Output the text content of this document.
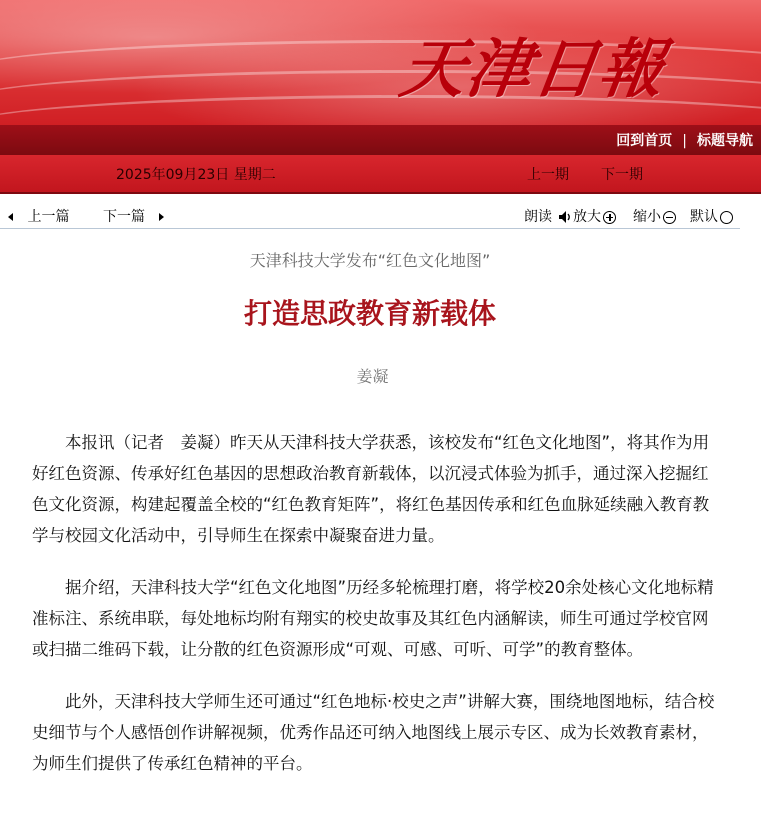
天津日報
回到首页 | 标题导航
2025年09月23日 星期二	上一期 下一期
上一篇 下一篇	朗读	放大	缩小	默认
天津科技大学发布“红色文化地图”
打造思政教育新载体
姜凝

本报讯（记者　姜凝）昨天从天津科技大学获悉，该校发布“红色文化地图”，将其作为用好红色资源、传承好红色基因的思想政治教育新载体，以沉浸式体验为抓手，通过深入挖掘红色文化资源，构建起覆盖全校的“红色教育矩阵”，将红色基因传承和红色血脉延续融入教育教学与校园文化活动中，引导师生在探索中凝聚奋进力量。

据介绍，天津科技大学“红色文化地图”历经多轮梳理打磨，将学校20余处核心文化地标精准标注、系统串联，每处地标均附有翔实的校史故事及其红色内涵解读，师生可通过学校官网或扫描二维码下载，让分散的红色资源形成“可观、可感、可听、可学”的教育整体。

此外，天津科技大学师生还可通过“红色地标·校史之声”讲解大赛，围绕地图地标，结合校史细节与个人感悟创作讲解视频，优秀作品还可纳入地图线上展示专区、成为长效教育素材，为师生们提供了传承红色精神的平台。
